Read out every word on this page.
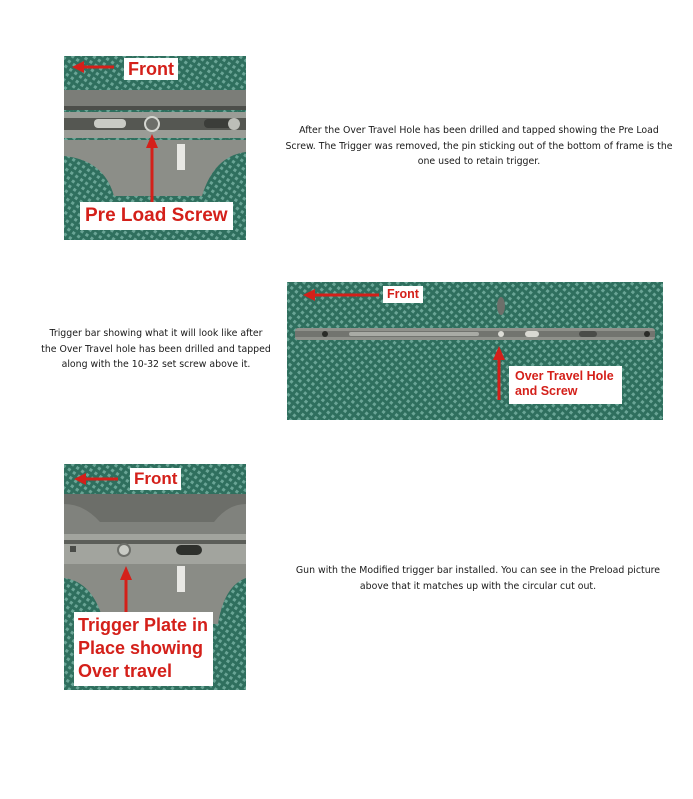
Front
Pre Load Screw
After the Over Travel Hole has been drilled and tapped showing the Pre Load
Screw. The Trigger was removed, the pin sticking out of the bottom of frame is the
one used to retain trigger.
Trigger bar showing what it will look like after
the Over Travel hole has been drilled and tapped
along with the 10-32 set screw above it.
Front
Over Travel Hole
and Screw
Front
Trigger Plate in
Place showing
Over travel
Gun with the Modified trigger bar installed. You can see in the Preload picture
above that it matches up with the circular cut out.
